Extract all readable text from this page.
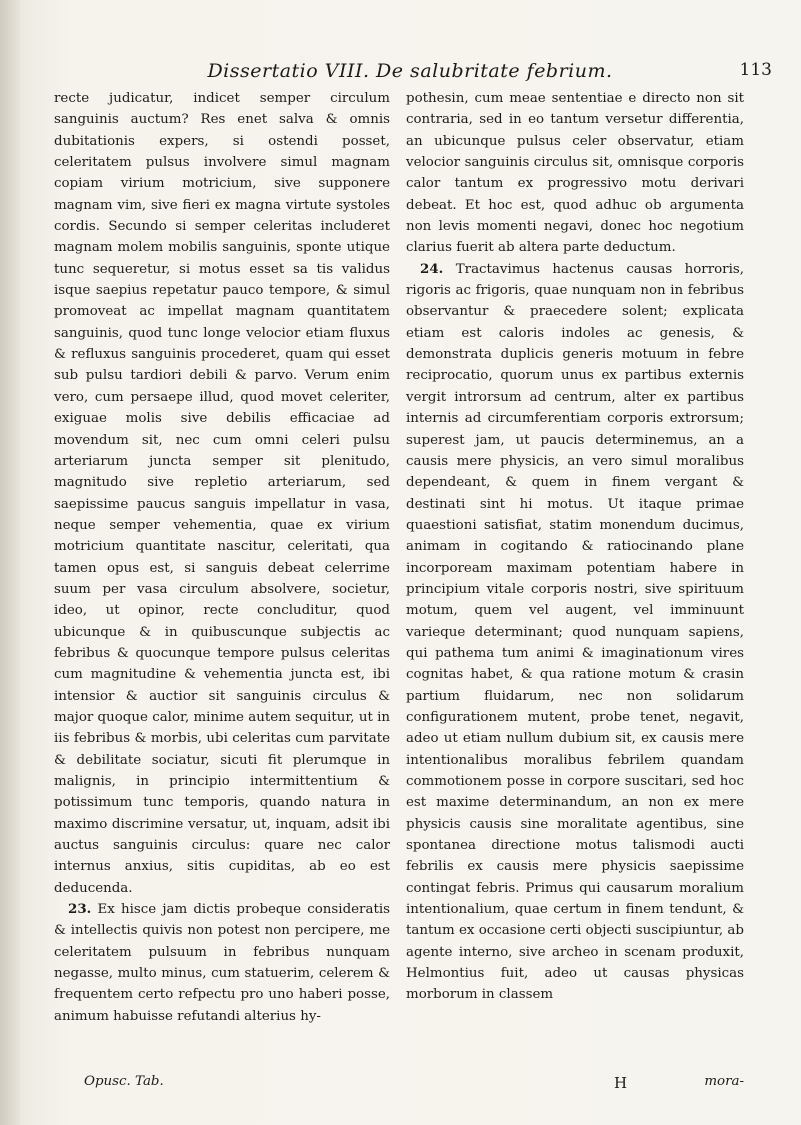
Dissertatio VIII. De salubritate febrium.	113

recte judicatur, indicet semper circulum sanguinis auctum? Res enet salva & omnis dubitationis expers, si ostendi posset, celeritatem pulsus involvere simul magnam copiam virium motricium, sive supponere magnam vim, sive fieri ex magna virtute systoles cordis. Secundo si semper celeritas includeret magnam molem mobilis sanguinis, sponte utique tunc sequeretur, si motus esset sa tis validus isque saepius repetatur pauco tempore, & simul promoveat ac impellat magnam quantitatem sanguinis, quod tunc longe velocior etiam fluxus & refluxus sanguinis procederet, quam qui esset sub pulsu tardiori debili & parvo. Verum enim vero, cum persaepe illud, quod movet celeriter, exiguae molis sive debilis efficaciae ad movendum sit, nec cum omni celeri pulsu arteriarum juncta semper sit plenitudo, magnitudo sive repletio arteriarum, sed saepissime paucus sanguis impellatur in vasa, neque semper vehementia, quae ex virium motricium quantitate nascitur, celeritati, qua tamen opus est, si sanguis debeat celerrime suum per vasa circulum absolvere, societur, ideo, ut opinor, recte concluditur, quod ubicunque & in quibuscunque subjectis ac febribus & quocunque tempore pulsus celeritas cum magnitudine & vehementia juncta est, ibi intensior & auctior sit sanguinis circulus & major quoque calor, minime autem sequitur, ut in iis febribus & morbis, ubi celeritas cum parvitate & debilitate sociatur, sicuti fit plerumque in malignis, in principio intermittentium & potissimum tunc temporis, quando natura in maximo discrimine versatur, ut, inquam, adsit ibi auctus sanguinis circulus: quare nec calor internus anxius, sitis cupiditas, ab eo est deducenda.

23. Ex hisce jam dictis probeque consideratis & intellectis quivis non potest non percipere, me celeritatem pulsuum in febribus nunquam negasse, multo minus, cum statuerim, celerem & frequentem certo refpectu pro uno haberi posse, animum habuisse refutandi alterius hy-

pothesin, cum meae sententiae e directo non sit contraria, sed in eo tantum versetur differentia, an ubicunque pulsus celer observatur, etiam velocior sanguinis circulus sit, omnisque corporis calor tantum ex progressivo motu derivari debeat. Et hoc est, quod adhuc ob argumenta non levis momenti negavi, donec hoc negotium clarius fuerit ab altera parte deductum.

24. Tractavimus hactenus causas horroris, rigoris ac frigoris, quae nunquam non in febribus observantur & praecedere solent; explicata etiam est caloris indoles ac genesis, & demonstrata duplicis generis motuum in febre reciprocatio, quorum unus ex partibus externis vergit introrsum ad centrum, alter ex partibus internis ad circumferentiam corporis extrorsum; superest jam, ut paucis determinemus, an a causis mere physicis, an vero simul moralibus dependeant, & quem in finem vergant & destinati sint hi motus. Ut itaque primae quaestioni satisfiat, statim monendum ducimus, animam in cogitando & ratiocinando plane incorpoream maximam potentiam habere in principium vitale corporis nostri, sive spirituum motum, quem vel augent, vel imminuunt varieque determinant; quod nunquam sapiens, qui pathema tum animi & imaginationum vires cognitas habet, & qua ratione motum & crasin partium fluidarum, nec non solidarum configurationem mutent, probe tenet, negavit, adeo ut etiam nullum dubium sit, ex causis mere intentionalibus moralibus febrilem quandam commotionem posse in corpore suscitari, sed hoc est maxime determinandum, an non ex mere physicis causis sine moralitate agentibus, sine spontanea directione motus talismodi aucti febrilis ex causis mere physicis saepissime contingat febris. Primus qui causarum moralium intentionalium, quae certum in finem tendunt, & tantum ex occasione certi objecti suscipiuntur, ab agente interno, sive archeo in scenam produxit, Helmontius fuit, adeo ut causas physicas morborum in classem

Opusc. Tab.	H	mora-
